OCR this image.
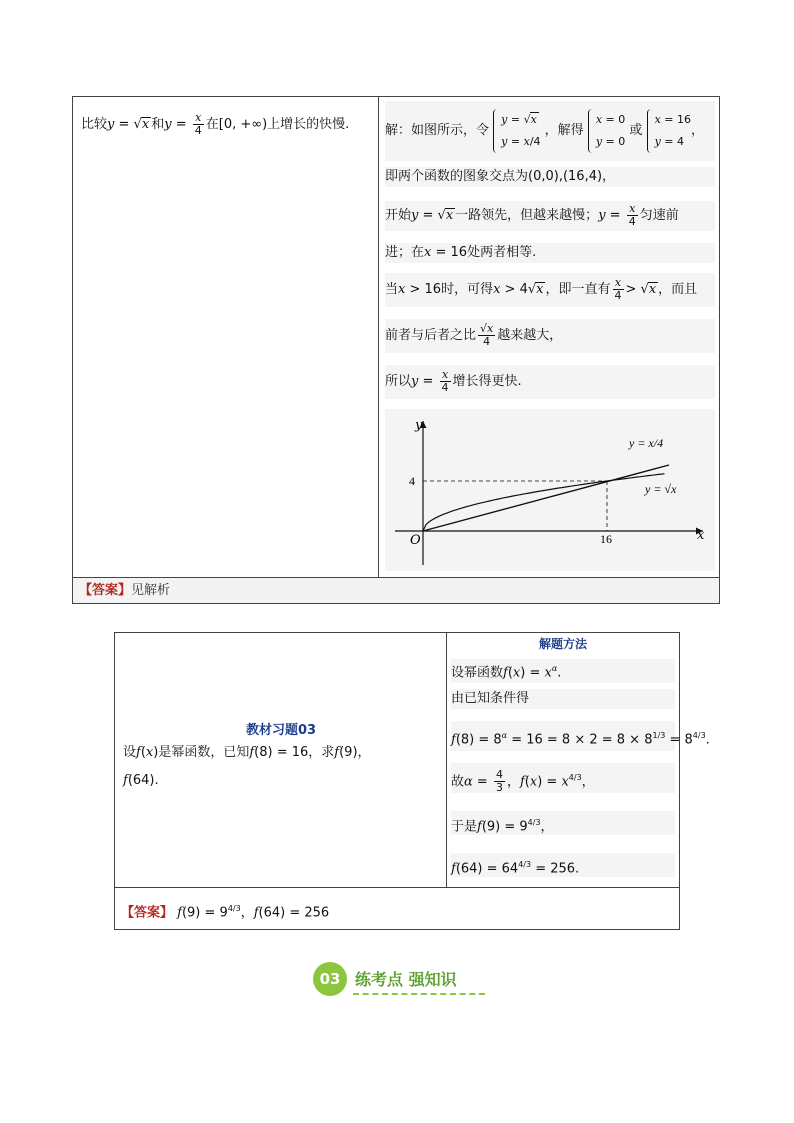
比较y = √x 和$y = \frac{x}{4}$ 在[0, +∞)上增长的快慢.	解：如图所示，令
y = √x
y = x/4
，解得
x = 0
y = 0
或
x = 16
y = 4
，
即两个函数的图象交点为(0,0),(16,4)，
开始y = √x 一路领先，但越来越慢；$y = \frac{x}{4}$ 匀速前
进；在x = 16处两者相等.
当x > 16时，可得x > 4√x ，即一直有 $\frac{x}{4} > √x$ ，而且
前者与后者之比 $\frac{√x}{4}$ 越来越大，
所以$y = \frac{x}{4}$ 增长得更快.
y
x
O
4
16
y = x/4
y = √x
【答案】见解析
教材习题03
设f(x)是幂函数，已知f(8) = 16，求f(9)，
f(64).
解题方法
设幂函数$f(x) = x^\alpha$.
由已知条件得
$f(8) = 8^\alpha = 16 = 8 \times 2 = 8 \times 8^{1/3} = 8^{4/3}$.
故$\alpha = \frac{4}{3}$ ，$f(x) = x^{4/3}$，
于是$f(9) = 9^{4/3}$，
$f(64) = 64^{4/3} = 256$.
【答案】 $f(9) = 9^{4/3}$，f(64) = 256
03 练考点 强知识
